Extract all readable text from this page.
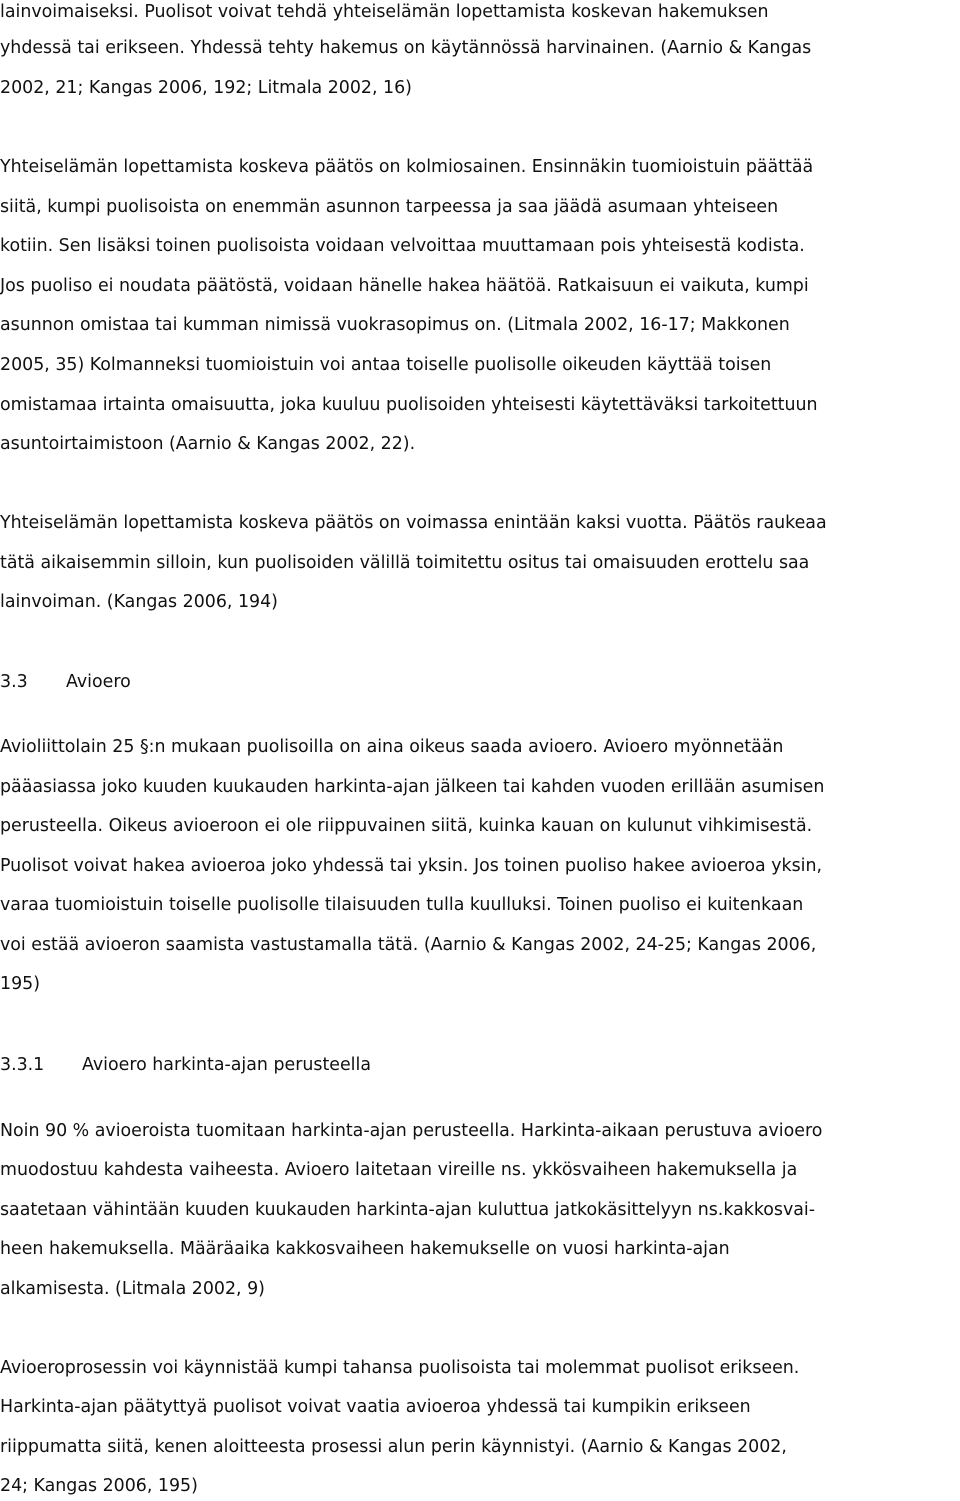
lainvoimaiseksi. Puolisot voivat tehdä yhteiselämän lopettamista koskevan hakemuksen
yhdessä tai erikseen. Yhdessä tehty hakemus on käytännössä harvinainen. (Aarnio & Kangas
2002, 21; Kangas 2006, 192; Litmala 2002, 16)
Yhteiselämän lopettamista koskeva päätös on kolmiosainen. Ensinnäkin tuomioistuin päättää
siitä, kumpi puolisoista on enemmän asunnon tarpeessa ja saa jäädä asumaan yhteiseen
kotiin. Sen lisäksi toinen puolisoista voidaan velvoittaa muuttamaan pois yhteisestä kodista.
Jos puoliso ei noudata päätöstä, voidaan hänelle hakea häätöä. Ratkaisuun ei vaikuta, kumpi
asunnon omistaa tai kumman nimissä vuokrasopimus on. (Litmala 2002, 16-17; Makkonen
2005, 35) Kolmanneksi tuomioistuin voi antaa toiselle puolisolle oikeuden käyttää toisen
omistamaa irtainta omaisuutta, joka kuuluu puolisoiden yhteisesti käytettäväksi tarkoitettuun
asuntoirtaimistoon (Aarnio & Kangas 2002, 22).
Yhteiselämän lopettamista koskeva päätös on voimassa enintään kaksi vuotta. Päätös raukeaa
tätä aikaisemmin silloin, kun puolisoiden välillä toimitettu ositus tai omaisuuden erottelu saa
lainvoiman. (Kangas 2006, 194)
3.3 Avioero
Avioliittolain 25 §:n mukaan puolisoilla on aina oikeus saada avioero. Avioero myönnetään
pääasiassa joko kuuden kuukauden harkinta-ajan jälkeen tai kahden vuoden erillään asumisen
perusteella. Oikeus avioeroon ei ole riippuvainen siitä, kuinka kauan on kulunut vihkimisestä.
Puolisot voivat hakea avioeroa joko yhdessä tai yksin. Jos toinen puoliso hakee avioeroa yksin,
varaa tuomioistuin toiselle puolisolle tilaisuuden tulla kuulluksi. Toinen puoliso ei kuitenkaan
voi estää avioeron saamista vastustamalla tätä. (Aarnio & Kangas 2002, 24-25; Kangas 2006,
195)
3.3.1 Avioero harkinta-ajan perusteella
Noin 90 % avioeroista tuomitaan harkinta-ajan perusteella. Harkinta-aikaan perustuva avioero
muodostuu kahdesta vaiheesta. Avioero laitetaan vireille ns. ykkösvaiheen hakemuksella ja
saatetaan vähintään kuuden kuukauden harkinta-ajan kuluttua jatkokäsittelyyn ns.kakkosvai-
heen hakemuksella. Määräaika kakkosvaiheen hakemukselle on vuosi harkinta-ajan
alkamisesta. (Litmala 2002, 9)
Avioeroprosessin voi käynnistää kumpi tahansa puolisoista tai molemmat puolisot erikseen.
Harkinta-ajan päätyttyä puolisot voivat vaatia avioeroa yhdessä tai kumpikin erikseen
riippumatta siitä, kenen aloitteesta prosessi alun perin käynnistyi. (Aarnio & Kangas 2002,
24; Kangas 2006, 195)
